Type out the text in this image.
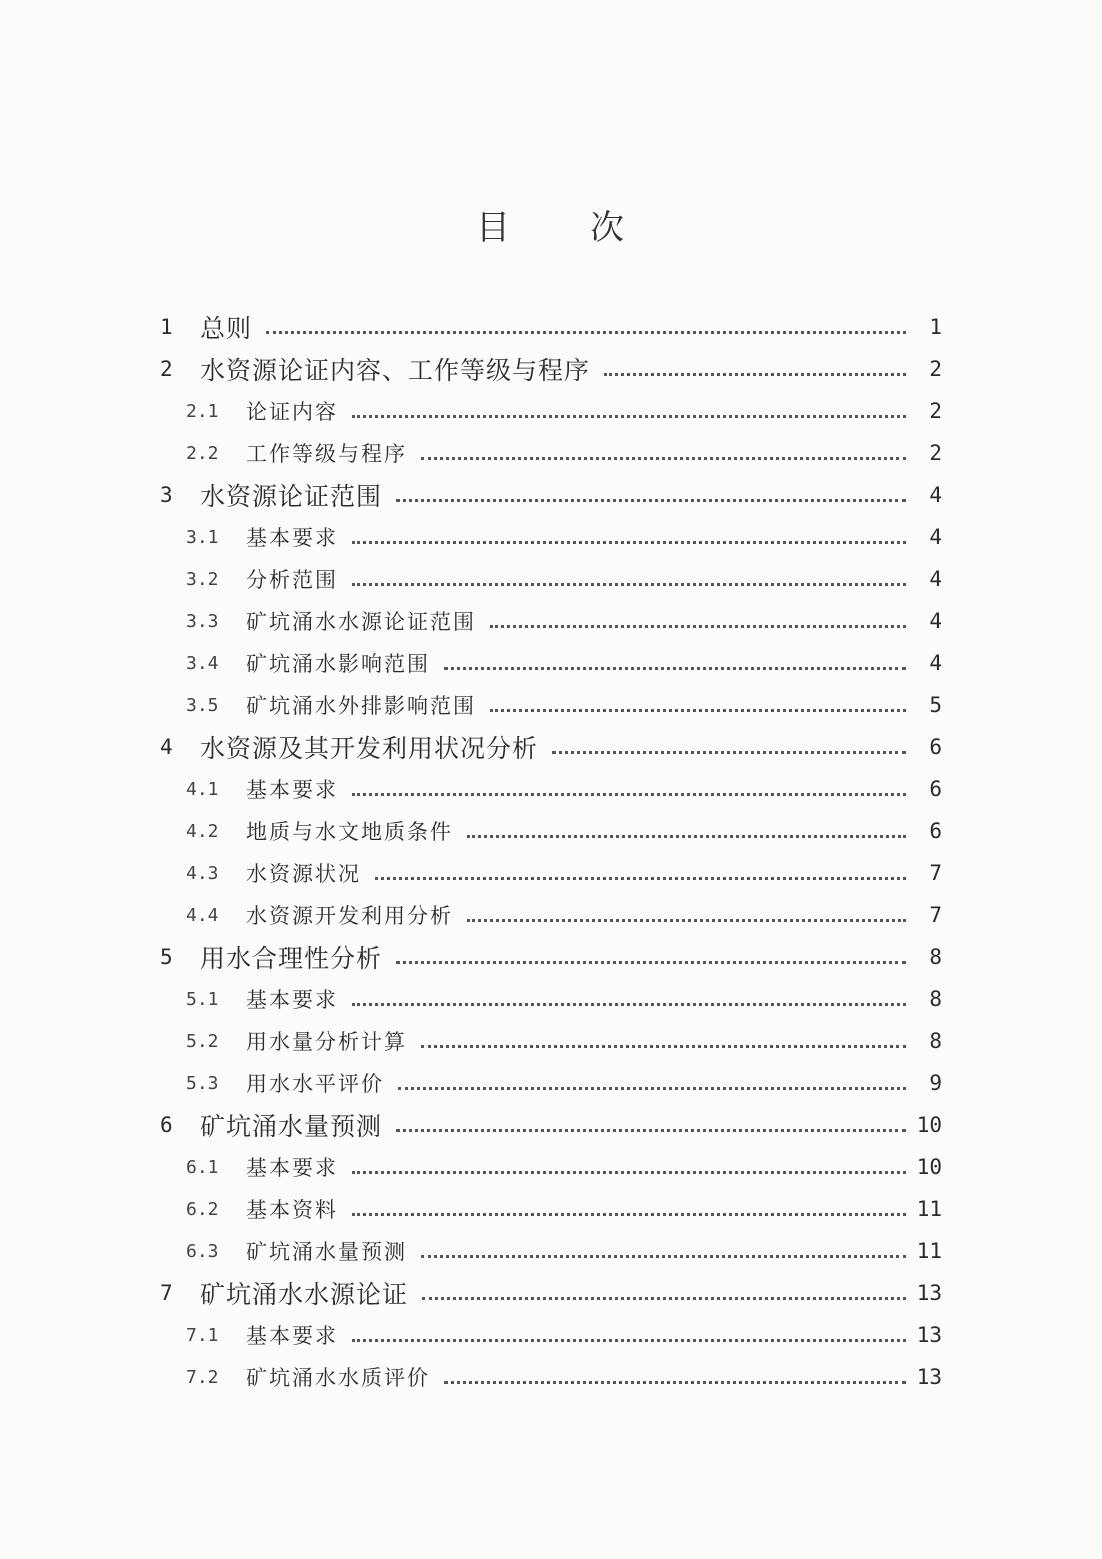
目 次
1	总则	1
2	水资源论证内容、工作等级与程序	2
2.1	论证内容	2
2.2	工作等级与程序	2
3	水资源论证范围	4
3.1	基本要求	4
3.2	分析范围	4
3.3	矿坑涌水水源论证范围	4
3.4	矿坑涌水影响范围	4
3.5	矿坑涌水外排影响范围	5
4	水资源及其开发利用状况分析	6
4.1	基本要求	6
4.2	地质与水文地质条件	6
4.3	水资源状况	7
4.4	水资源开发利用分析	7
5	用水合理性分析	8
5.1	基本要求	8
5.2	用水量分析计算	8
5.3	用水水平评价	9
6	矿坑涌水量预测	10
6.1	基本要求	10
6.2	基本资料	11
6.3	矿坑涌水量预测	11
7	矿坑涌水水源论证	13
7.1	基本要求	13
7.2	矿坑涌水水质评价	13
